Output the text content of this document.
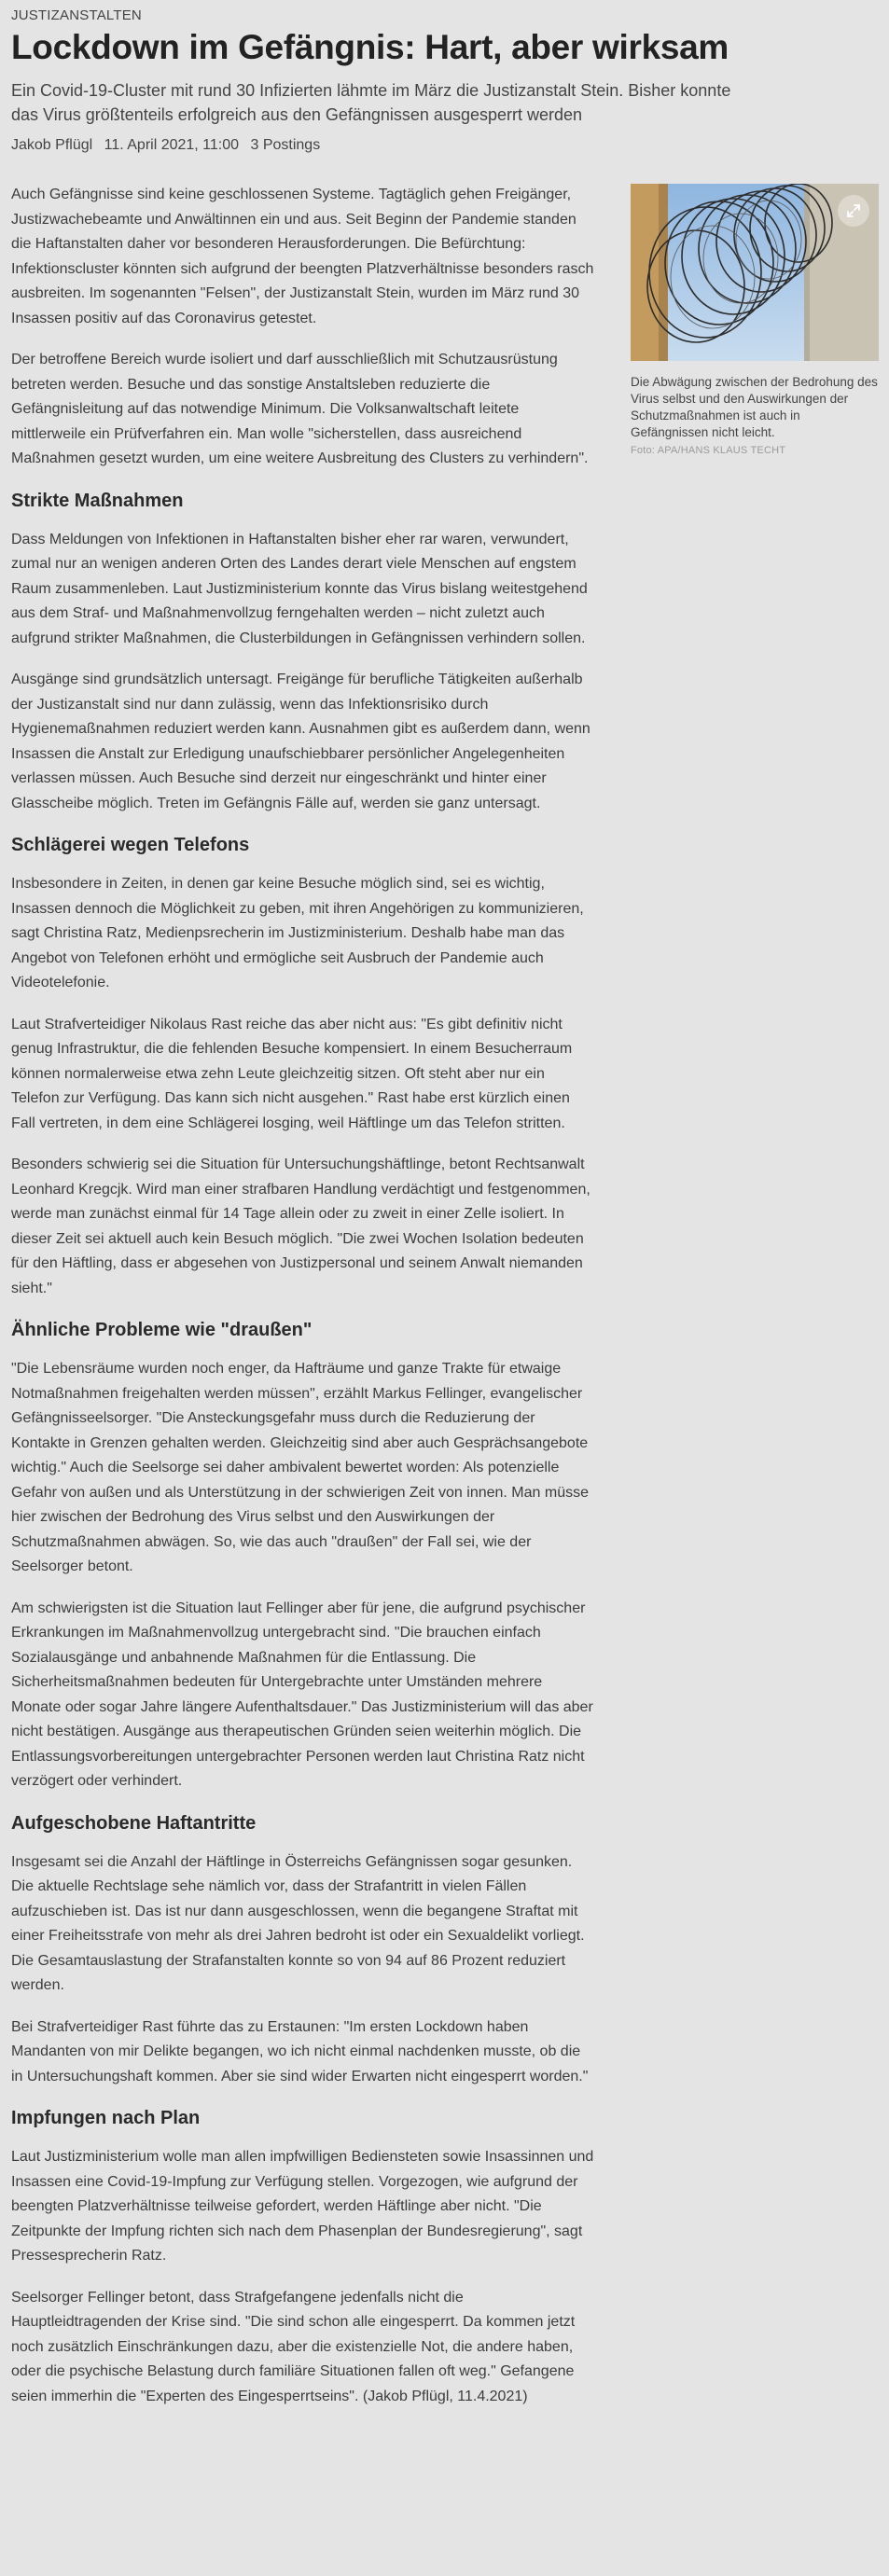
JUSTIZANSTALTEN
Lockdown im Gefängnis: Hart, aber wirksam

Ein Covid-19-Cluster mit rund 30 Infizierten lähmte im März die Justizanstalt Stein. Bisher konnte das Virus größtenteils erfolgreich aus den Gefängnissen ausgesperrt werden

Jakob Pflügl 11. April 2021, 11:00 3 Postings

Auch Gefängnisse sind keine geschlossenen Systeme. Tagtäglich gehen Freigänger, Justizwachebeamte und Anwältinnen ein und aus. Seit Beginn der Pandemie standen die Haftanstalten daher vor besonderen Herausforderungen. Die Befürchtung: Infektionscluster könnten sich aufgrund der beengten Platzverhältnisse besonders rasch ausbreiten. Im sogenannten "Felsen", der Justizanstalt Stein, wurden im März rund 30 Insassen positiv auf das Coronavirus getestet.

Der betroffene Bereich wurde isoliert und darf ausschließlich mit Schutzausrüstung betreten werden. Besuche und das sonstige Anstaltsleben reduzierte die Gefängnisleitung auf das notwendige Minimum. Die Volksanwaltschaft leitete mittlerweile ein Prüfverfahren ein. Man wolle "sicherstellen, dass ausreichend Maßnahmen gesetzt wurden, um eine weitere Ausbreitung des Clusters zu verhindern".

Strikte Maßnahmen

Dass Meldungen von Infektionen in Haftanstalten bisher eher rar waren, verwundert, zumal nur an wenigen anderen Orten des Landes derart viele Menschen auf engstem Raum zusammenleben. Laut Justizministerium konnte das Virus bislang weitestgehend aus dem Straf- und Maßnahmenvollzug ferngehalten werden – nicht zuletzt auch aufgrund strikter Maßnahmen, die Clusterbildungen in Gefängnissen verhindern sollen.

Ausgänge sind grundsätzlich untersagt. Freigänge für berufliche Tätigkeiten außerhalb der Justizanstalt sind nur dann zulässig, wenn das Infektionsrisiko durch Hygienemaßnahmen reduziert werden kann. Ausnahmen gibt es außerdem dann, wenn Insassen die Anstalt zur Erledigung unaufschiebbarer persönlicher Angelegenheiten verlassen müssen. Auch Besuche sind derzeit nur eingeschränkt und hinter einer Glasscheibe möglich. Treten im Gefängnis Fälle auf, werden sie ganz untersagt.

Schlägerei wegen Telefons

Insbesondere in Zeiten, in denen gar keine Besuche möglich sind, sei es wichtig, Insassen dennoch die Möglichkeit zu geben, mit ihren Angehörigen zu kommunizieren, sagt Christina Ratz, Medienpsrecherin im Justizministerium. Deshalb habe man das Angebot von Telefonen erhöht und ermögliche seit Ausbruch der Pandemie auch Videotelefonie.

Laut Strafverteidiger Nikolaus Rast reiche das aber nicht aus: "Es gibt definitiv nicht genug Infrastruktur, die die fehlenden Besuche kompensiert. In einem Besucherraum können normalerweise etwa zehn Leute gleichzeitig sitzen. Oft steht aber nur ein Telefon zur Verfügung. Das kann sich nicht ausgehen." Rast habe erst kürzlich einen Fall vertreten, in dem eine Schlägerei losging, weil Häftlinge um das Telefon stritten.

Besonders schwierig sei die Situation für Untersuchungshäftlinge, betont Rechtsanwalt Leonhard Kregcjk. Wird man einer strafbaren Handlung verdächtigt und festgenommen, werde man zunächst einmal für 14 Tage allein oder zu zweit in einer Zelle isoliert. In dieser Zeit sei aktuell auch kein Besuch möglich. "Die zwei Wochen Isolation bedeuten für den Häftling, dass er abgesehen von Justizpersonal und seinem Anwalt niemanden sieht."

Ähnliche Probleme wie "draußen"

"Die Lebensräume wurden noch enger, da Hafträume und ganze Trakte für etwaige Notmaßnahmen freigehalten werden müssen", erzählt Markus Fellinger, evangelischer Gefängnisseelsorger. "Die Ansteckungsgefahr muss durch die Reduzierung der Kontakte in Grenzen gehalten werden. Gleichzeitig sind aber auch Gesprächsangebote wichtig." Auch die Seelsorge sei daher ambivalent bewertet worden: Als potenzielle Gefahr von außen und als Unterstützung in der schwierigen Zeit von innen. Man müsse hier zwischen der Bedrohung des Virus selbst und den Auswirkungen der Schutzmaßnahmen abwägen. So, wie das auch "draußen" der Fall sei, wie der Seelsorger betont.

Am schwierigsten ist die Situation laut Fellinger aber für jene, die aufgrund psychischer Erkrankungen im Maßnahmenvollzug untergebracht sind. "Die brauchen einfach Sozialausgänge und anbahnende Maßnahmen für die Entlassung. Die Sicherheitsmaßnahmen bedeuten für Untergebrachte unter Umständen mehrere Monate oder sogar Jahre längere Aufenthaltsdauer." Das Justizministerium will das aber nicht bestätigen. Ausgänge aus therapeutischen Gründen seien weiterhin möglich. Die Entlassungsvorbereitungen untergebrachter Personen werden laut Christina Ratz nicht verzögert oder verhindert.

Aufgeschobene Haftantritte

Insgesamt sei die Anzahl der Häftlinge in Österreichs Gefängnissen sogar gesunken. Die aktuelle Rechtslage sehe nämlich vor, dass der Strafantritt in vielen Fällen aufzuschieben ist. Das ist nur dann ausgeschlossen, wenn die begangene Straftat mit einer Freiheitsstrafe von mehr als drei Jahren bedroht ist oder ein Sexualdelikt vorliegt. Die Gesamtauslastung der Strafanstalten konnte so von 94 auf 86 Prozent reduziert werden.

Bei Strafverteidiger Rast führte das zu Erstaunen: "Im ersten Lockdown haben Mandanten von mir Delikte begangen, wo ich nicht einmal nachdenken musste, ob die in Untersuchungshaft kommen. Aber sie sind wider Erwarten nicht eingesperrt worden."

Impfungen nach Plan

Laut Justizministerium wolle man allen impfwilligen Bediensteten sowie Insassinnen und Insassen eine Covid-19-Impfung zur Verfügung stellen. Vorgezogen, wie aufgrund der beengten Platzverhältnisse teilweise gefordert, werden Häftlinge aber nicht. "Die Zeitpunkte der Impfung richten sich nach dem Phasenplan der Bundesregierung", sagt Pressesprecherin Ratz.

Seelsorger Fellinger betont, dass Strafgefangene jedenfalls nicht die Hauptleidtragenden der Krise sind. "Die sind schon alle eingesperrt. Da kommen jetzt noch zusätzlich Einschränkungen dazu, aber die existenzielle Not, die andere haben, oder die psychische Belastung durch familiäre Situationen fallen oft weg." Gefangene seien immerhin die "Experten des Eingesperrtseins". (Jakob Pflügl, 11.4.2021)

Die Abwägung zwischen der Bedrohung des Virus selbst und den Auswirkungen der Schutzmaßnahmen ist auch in Gefängnissen nicht leicht.

Foto: APA/HANS KLAUS TECHT
